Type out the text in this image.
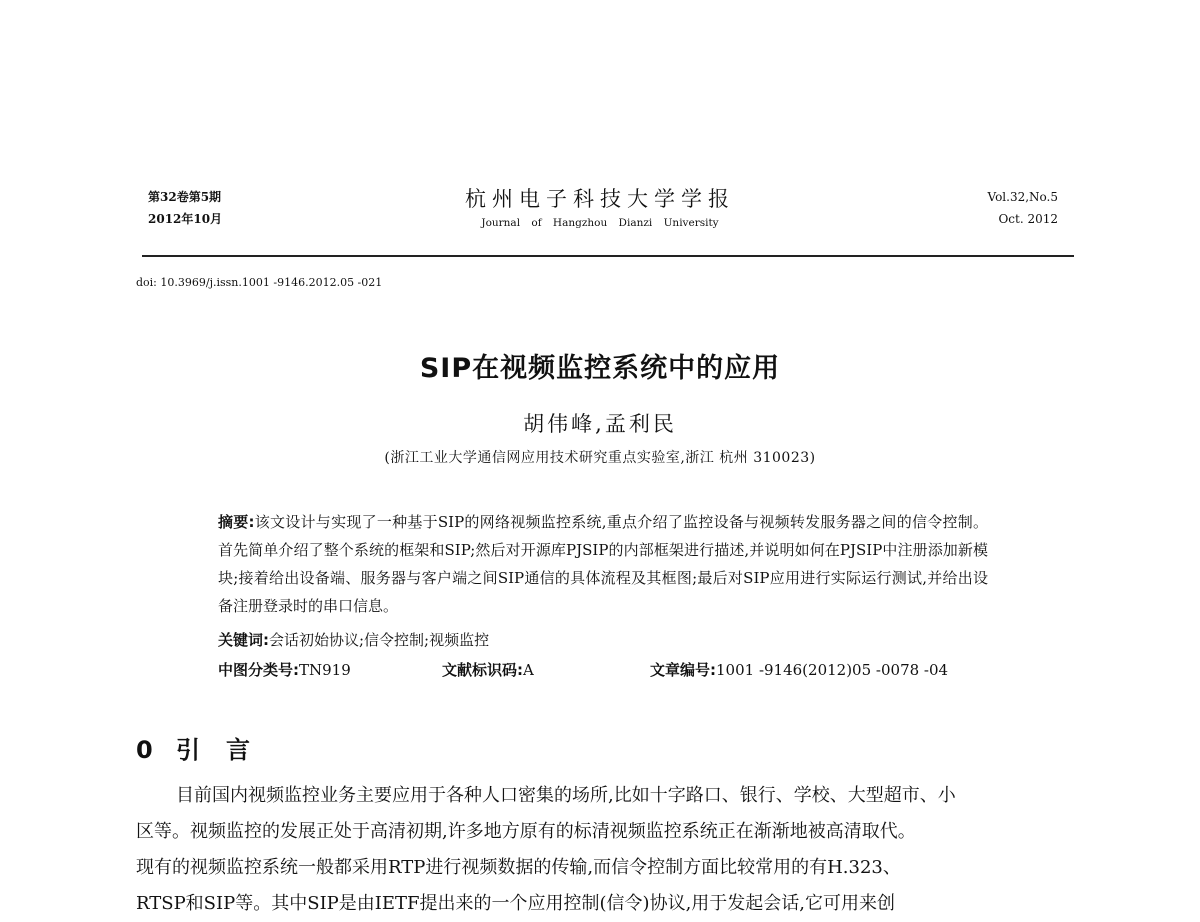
第32卷第5期
2012年10月
杭州电子科技大学学报
Journal of Hangzhou Dianzi University
Vol.32,No.5
Oct. 2012
doi: 10.3969/j.issn.1001 -9146.2012.05 -021
SIP在视频监控系统中的应用
胡伟峰,孟利民
(浙江工业大学通信网应用技术研究重点实验室,浙江 杭州 310023)
摘要:该文设计与实现了一种基于SIP的网络视频监控系统,重点介绍了监控设备与视频转发服务器之间的信令控制。首先简单介绍了整个系统的框架和SIP;然后对开源库PJSIP的内部框架进行描述,并说明如何在PJSIP中注册添加新模块;接着给出设备端、服务器与客户端之间SIP通信的具体流程及其框图;最后对SIP应用进行实际运行测试,并给出设备注册登录时的串口信息。
关键词:会话初始协议;信令控制;视频监控
中图分类号:TN919	文献标识码:A	文章编号:1001 -9146(2012)05 -0078 -04
0 引言
目前国内视频监控业务主要应用于各种人口密集的场所,比如十字路口、银行、学校、大型超市、小
区等。视频监控的发展正处于高清初期,许多地方原有的标清视频监控系统正在渐渐地被高清取代。
现有的视频监控系统一般都采用RTP进行视频数据的传输,而信令控制方面比较常用的有H.323、
RTSP和SIP等。其中SIP是由IETF提出来的一个应用控制(信令)协议,用于发起会话,它可用来创
